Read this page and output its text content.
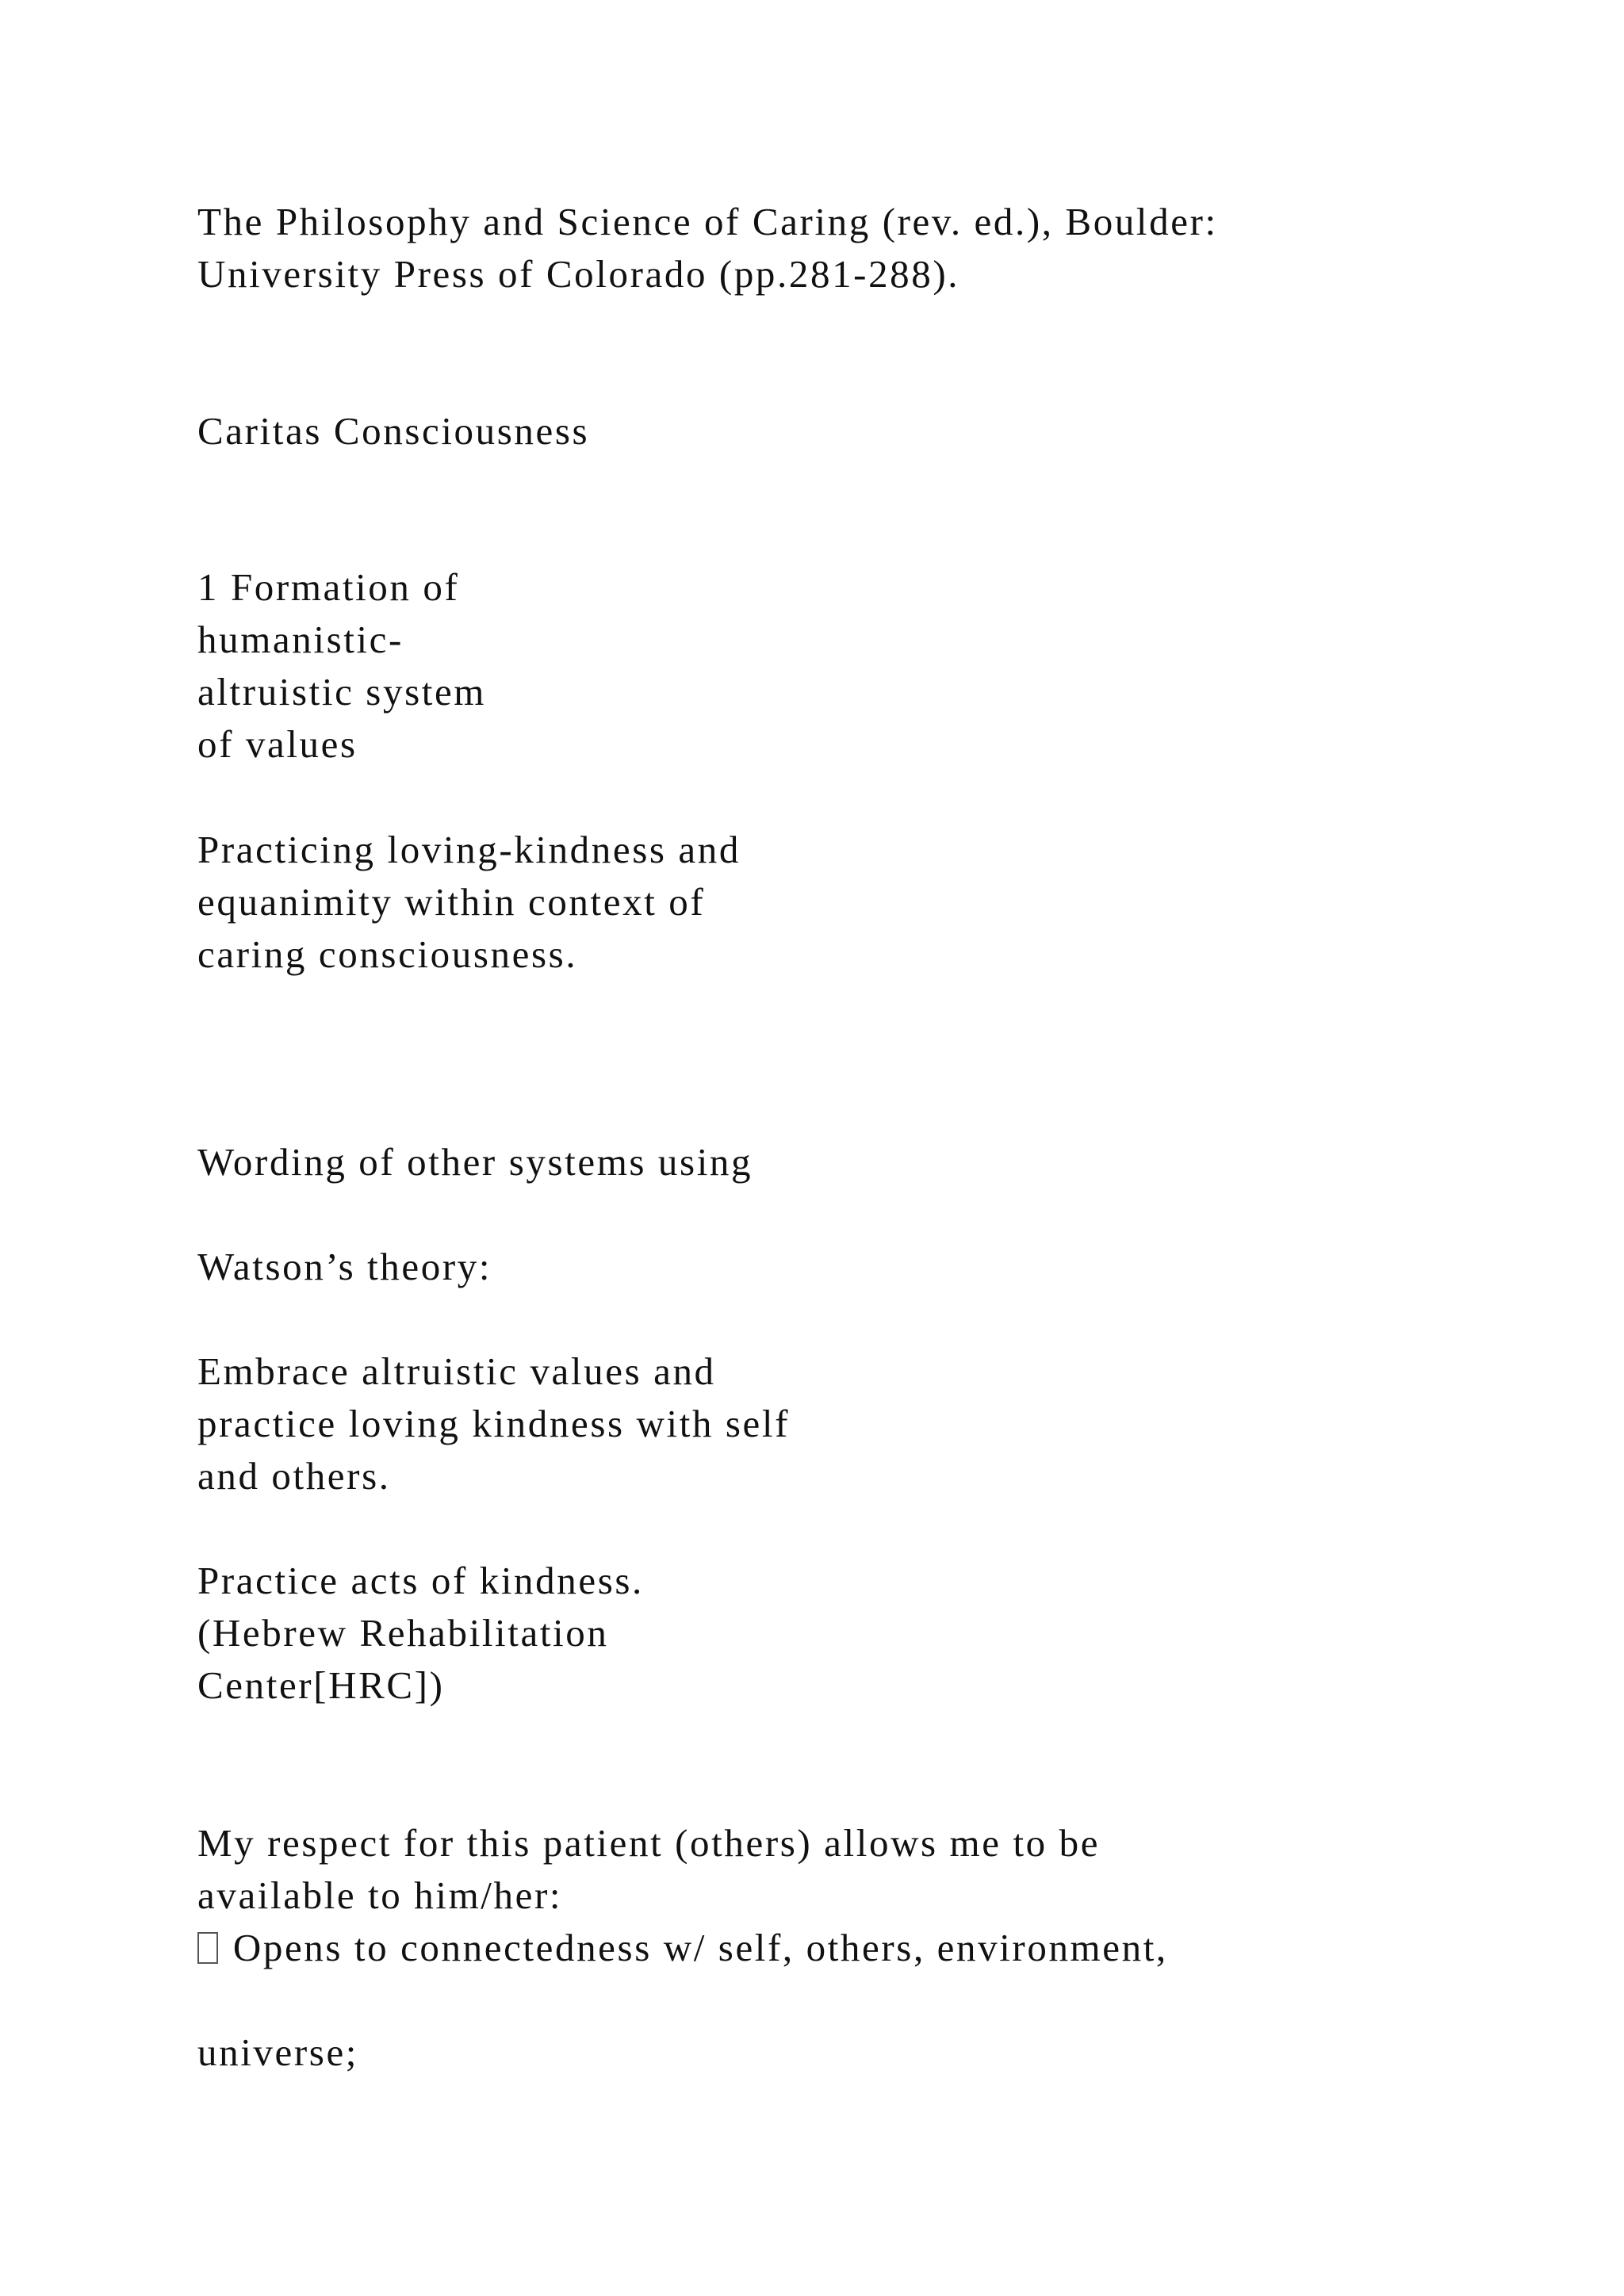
The Philosophy and Science of Caring (rev. ed.), Boulder:

University Press of Colorado (pp.281-288).

Caritas Consciousness

1 Formation of

humanistic-

altruistic system

of values

Practicing loving-kindness and

equanimity within context of

caring consciousness.

Wording of other systems using

Watson’s theory:

Embrace altruistic values and

practice loving kindness with self

and others.

Practice acts of kindness.

(Hebrew Rehabilitation

Center[HRC])

My respect for this patient (others) allows me to be

available to him/her:

Opens to connectedness w/ self, others, environment,

universe;
